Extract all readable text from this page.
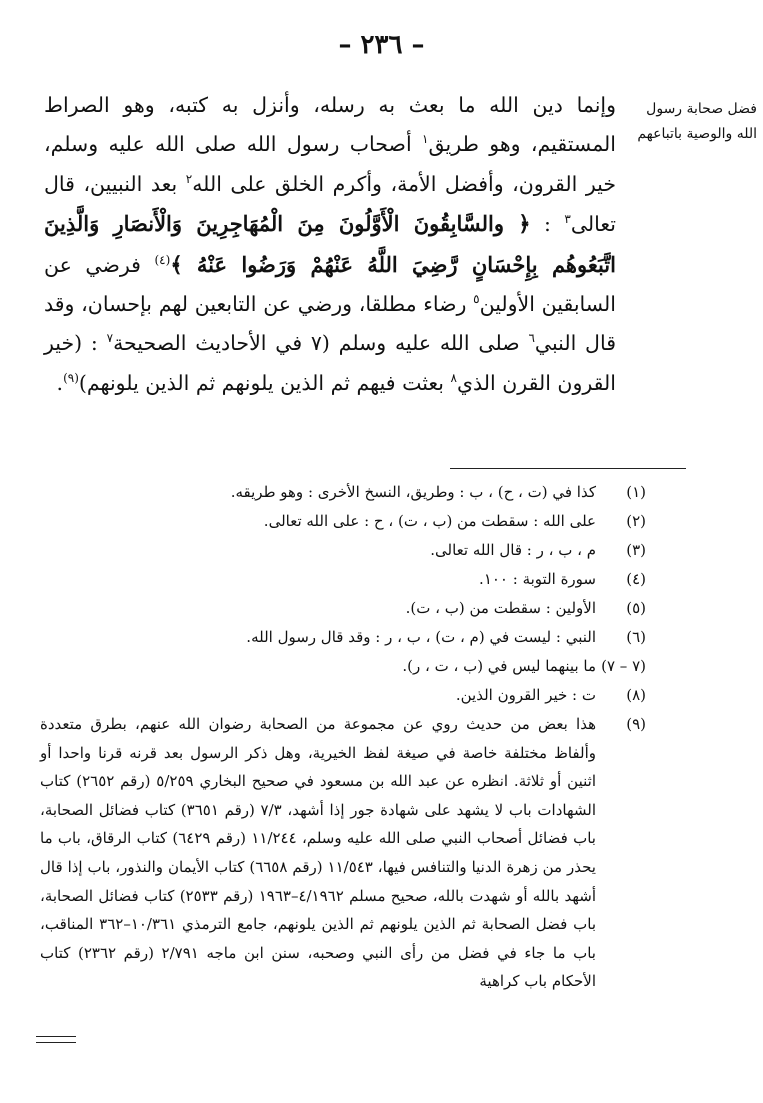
– ٢٣٦ –
فضل صحابة رسول الله والوصية باتباعهم
وإنما دين الله ما بعث به رسله، وأنزل به كتبه، وهو الصراط المستقيم، وهو طريق$^١$ أصحاب رسول الله صلى الله عليه وسلم، خير القرون، وأفضل الأمة، وأكرم الخلق على الله$^٢$ بعد النبيين، قال تعالى$^٣$ : ﴿ والسَّابِقُونَ الْأَوَّلُونَ مِنَ الْمُهَاجِرِينَ وَالْأَنصَارِ وَالَّذِينَ اتَّبَعُوهُم بِإِحْسَانٍ رَّضِيَ اللَّهُ عَنْهُمْ وَرَضُوا عَنْهُ ﴾$^{(٤)}$ فرضي عن السابقين الأولين$^٥$ رضاء مطلقا، ورضي عن التابعين لهم بإحسان، وقد قال النبي$^٦$ صلى الله عليه وسلم (٧ في الأحاديث الصحيحة$^٧$ : (خير القرون القرن الذي$^٨$ بعثت فيهم ثم الذين يلونهم ثم الذين يلونهم)$^{(٩)}$.
(١)
كذا في (ت ، ح) ، ب : وطريق، النسخ الأخرى : وهو طريقه.
(٢)
على الله : سقطت من (ب ، ت) ، ح : على الله تعالى.
(٣)
م ، ب ، ر : قال الله تعالى.
(٤)
سورة التوبة : ١٠٠.
(٥)
الأولين : سقطت من (ب ، ت).
(٦)
النبي : ليست في (م ، ت) ، ب ، ر : وقد قال رسول الله.
(٧ – ٧)
ما بينهما ليس في (ب ، ت ، ر).
(٨)
ت : خير القرون الذين.
(٩)
هذا بعض من حديث روي عن مجموعة من الصحابة رضوان الله عنهم، بطرق متعددة وألفاظ مختلفة خاصة في صيغة لفظ الخيرية، وهل ذكر الرسول بعد قرنه قرنا واحدا أو اثنين أو ثلاثة. انظره عن عبد الله بن مسعود في صحيح البخاري ٥/٢٥٩ (رقم ٢٦٥٢) كتاب الشهادات باب لا يشهد على شهادة جور إذا أشهد، ٧/٣ (رقم ٣٦٥١) كتاب فضائل الصحابة، باب فضائل أصحاب النبي صلى الله عليه وسلم، ١١/٢٤٤ (رقم ٦٤٢٩) كتاب الرقاق، باب ما يحذر من زهرة الدنيا والتنافس فيها، ١١/٥٤٣ (رقم ٦٦٥٨) كتاب الأيمان والنذور، باب إذا قال أشهد بالله أو شهدت بالله، صحيح مسلم ٤/١٩٦٢–١٩٦٣ (رقم ٢٥٣٣) كتاب فضائل الصحابة، باب فضل الصحابة ثم الذين يلونهم ثم الذين يلونهم، جامع الترمذي ١٠/٣٦١–٣٦٢ المناقب، باب ما جاء في فضل من رأى النبي وصحبه، سنن ابن ماجه ٢/٧٩١ (رقم ٢٣٦٢) كتاب الأحكام باب كراهية
